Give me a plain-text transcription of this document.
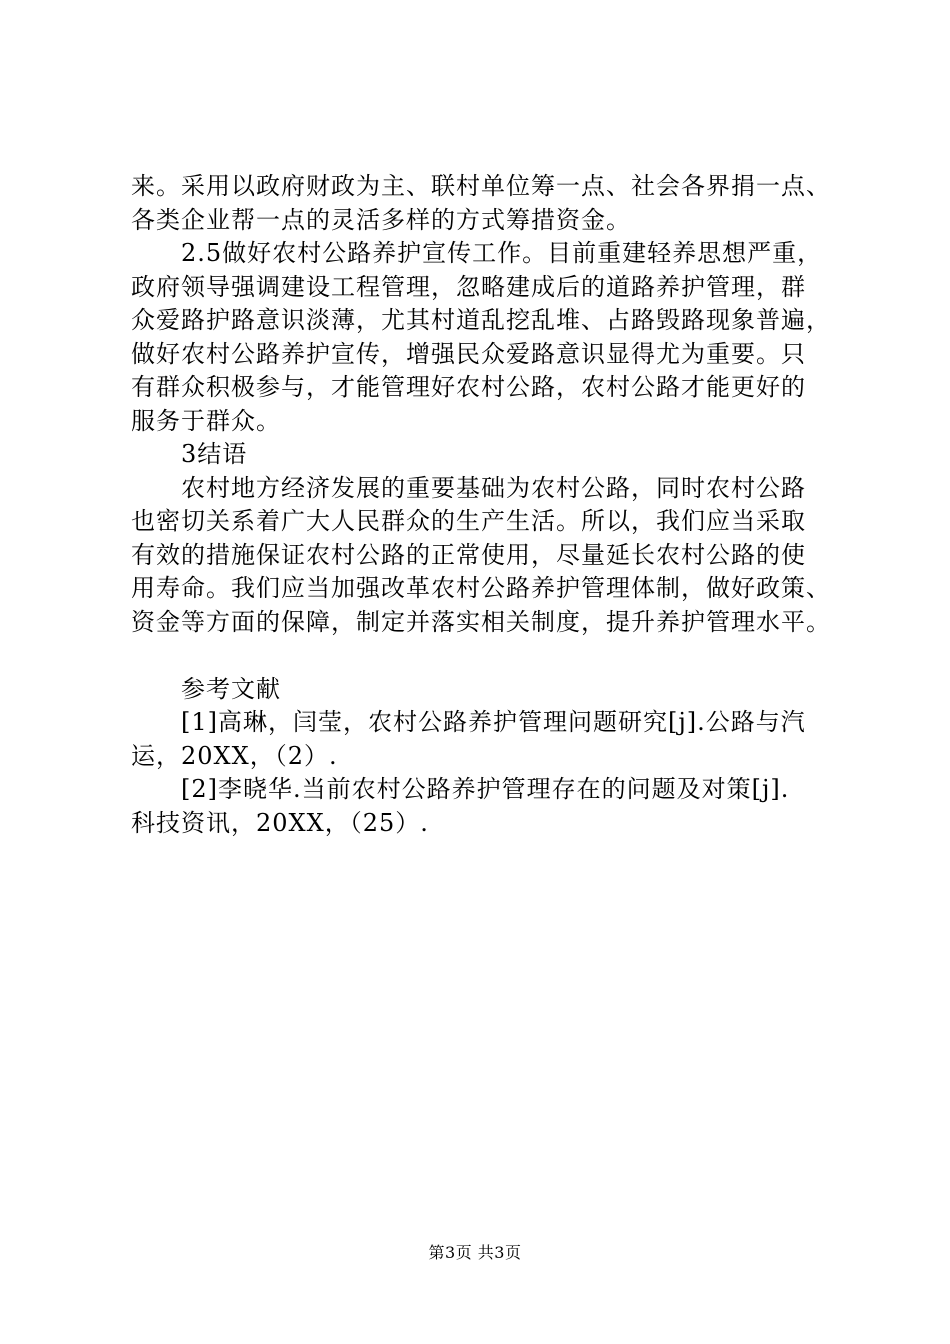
来。采用以政府财政为主、联村单位筹一点、社会各界捐一点、
各类企业帮一点的灵活多样的方式筹措资金。
2.5做好农村公路养护宣传工作。目前重建轻养思想严重，
政府领导强调建设工程管理，忽略建成后的道路养护管理，群
众爱路护路意识淡薄，尤其村道乱挖乱堆、占路毁路现象普遍，
做好农村公路养护宣传，增强民众爱路意识显得尤为重要。只
有群众积极参与，才能管理好农村公路，农村公路才能更好的
服务于群众。
3结语
农村地方经济发展的重要基础为农村公路，同时农村公路
也密切关系着广大人民群众的生产生活。所以，我们应当采取
有效的措施保证农村公路的正常使用，尽量延长农村公路的使
用寿命。我们应当加强改革农村公路养护管理体制，做好政策、
资金等方面的保障，制定并落实相关制度，提升养护管理水平。
参考文献
[1]高琳，闫莹，农村公路养护管理问题研究[j].公路与汽
运，20XX，（2）.
[2]李晓华.当前农村公路养护管理存在的问题及对策[j].
科技资讯，20XX，（25）.
第3页 共3页
